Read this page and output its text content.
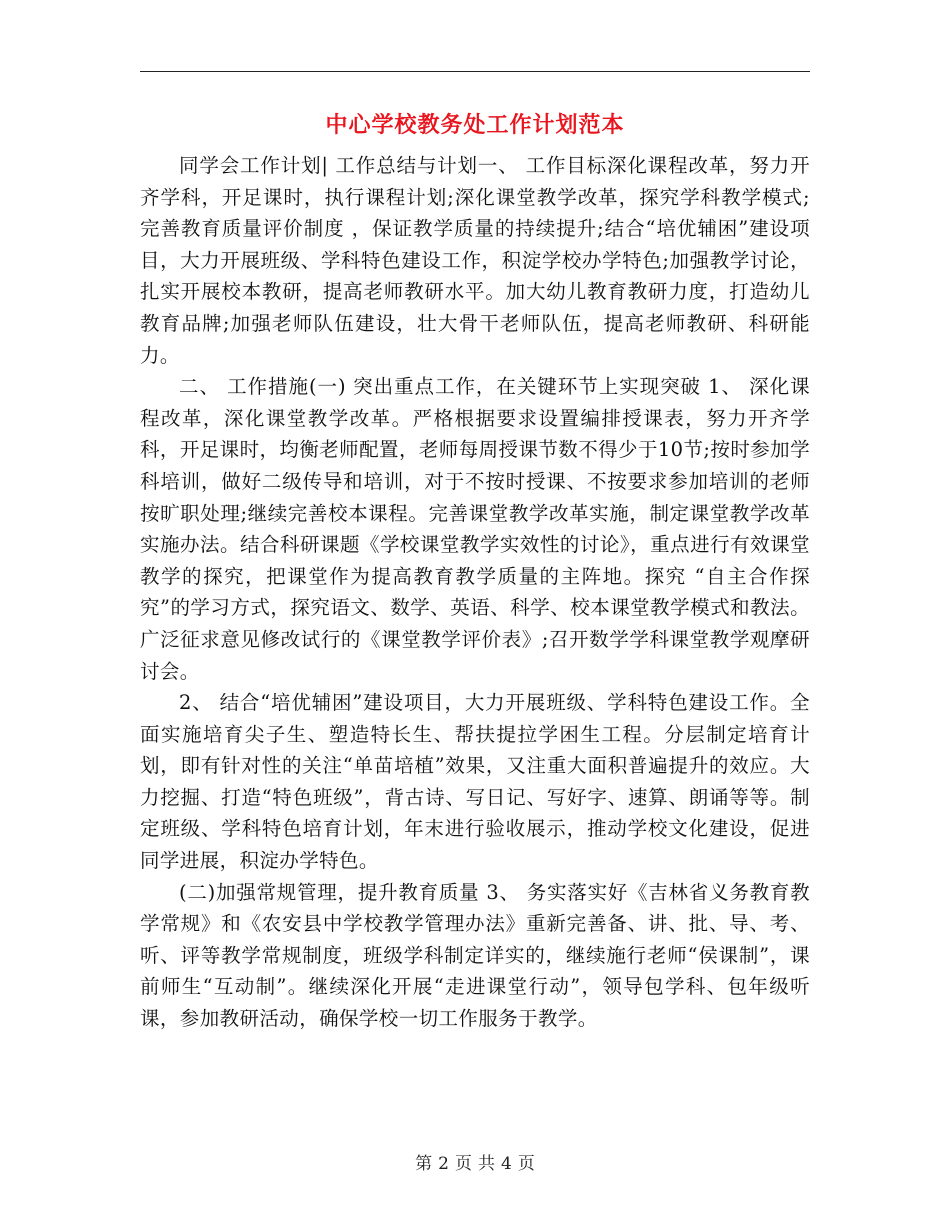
中心学校教务处工作计划范本

同学会工作计划| 工作总结与计划一、 工作目标深化课程改革，努力开齐学科，开足课时，执行课程计划;深化课堂教学改革，探究学科教学模式;完善教育质量评价制度 ，保证教学质量的持续提升;结合“培优辅困”建设项目，大力开展班级、学科特色建设工作，积淀学校办学特色;加强教学讨论，扎实开展校本教研，提高老师教研水平。加大幼儿教育教研力度，打造幼儿教育品牌;加强老师队伍建设，壮大骨干老师队伍，提高老师教研、科研能力。

二、 工作措施(一) 突出重点工作，在关键环节上实现突破 1、 深化课程改革，深化课堂教学改革。严格根据要求设置编排授课表，努力开齐学科，开足课时，均衡老师配置，老师每周授课节数不得少于10节;按时参加学科培训，做好二级传导和培训，对于不按时授课、不按要求参加培训的老师按旷职处理;继续完善校本课程。完善课堂教学改革实施，制定课堂教学改革实施办法。结合科研课题《学校课堂教学实效性的讨论》，重点进行有效课堂教学的探究，把课堂作为提高教育教学质量的主阵地。探究 “自主合作探究”的学习方式，探究语文、数学、英语、科学、校本课堂教学模式和教法。广泛征求意见修改试行的《课堂教学评价表》;召开数学学科课堂教学观摩研讨会。

2、 结合“培优辅困”建设项目，大力开展班级、学科特色建设工作。全面实施培育尖子生、塑造特长生、帮扶提拉学困生工程。分层制定培育计划，即有针对性的关注“单苗培植”效果，又注重大面积普遍提升的效应。大力挖掘、打造“特色班级”，背古诗、写日记、写好字、速算、朗诵等等。制定班级、学科特色培育计划，年末进行验收展示，推动学校文化建设，促进同学进展，积淀办学特色。

(二)加强常规管理，提升教育质量 3、 务实落实好《吉林省义务教育教学常规》和《农安县中学校教学管理办法》重新完善备、讲、批、导、考、听、评等教学常规制度，班级学科制定详实的，继续施行老师“侯课制”，课前师生“互动制”。继续深化开展“走进课堂行动”，领导包学科、包年级听课，参加教研活动，确保学校一切工作服务于教学。

第 2 页 共 4 页
